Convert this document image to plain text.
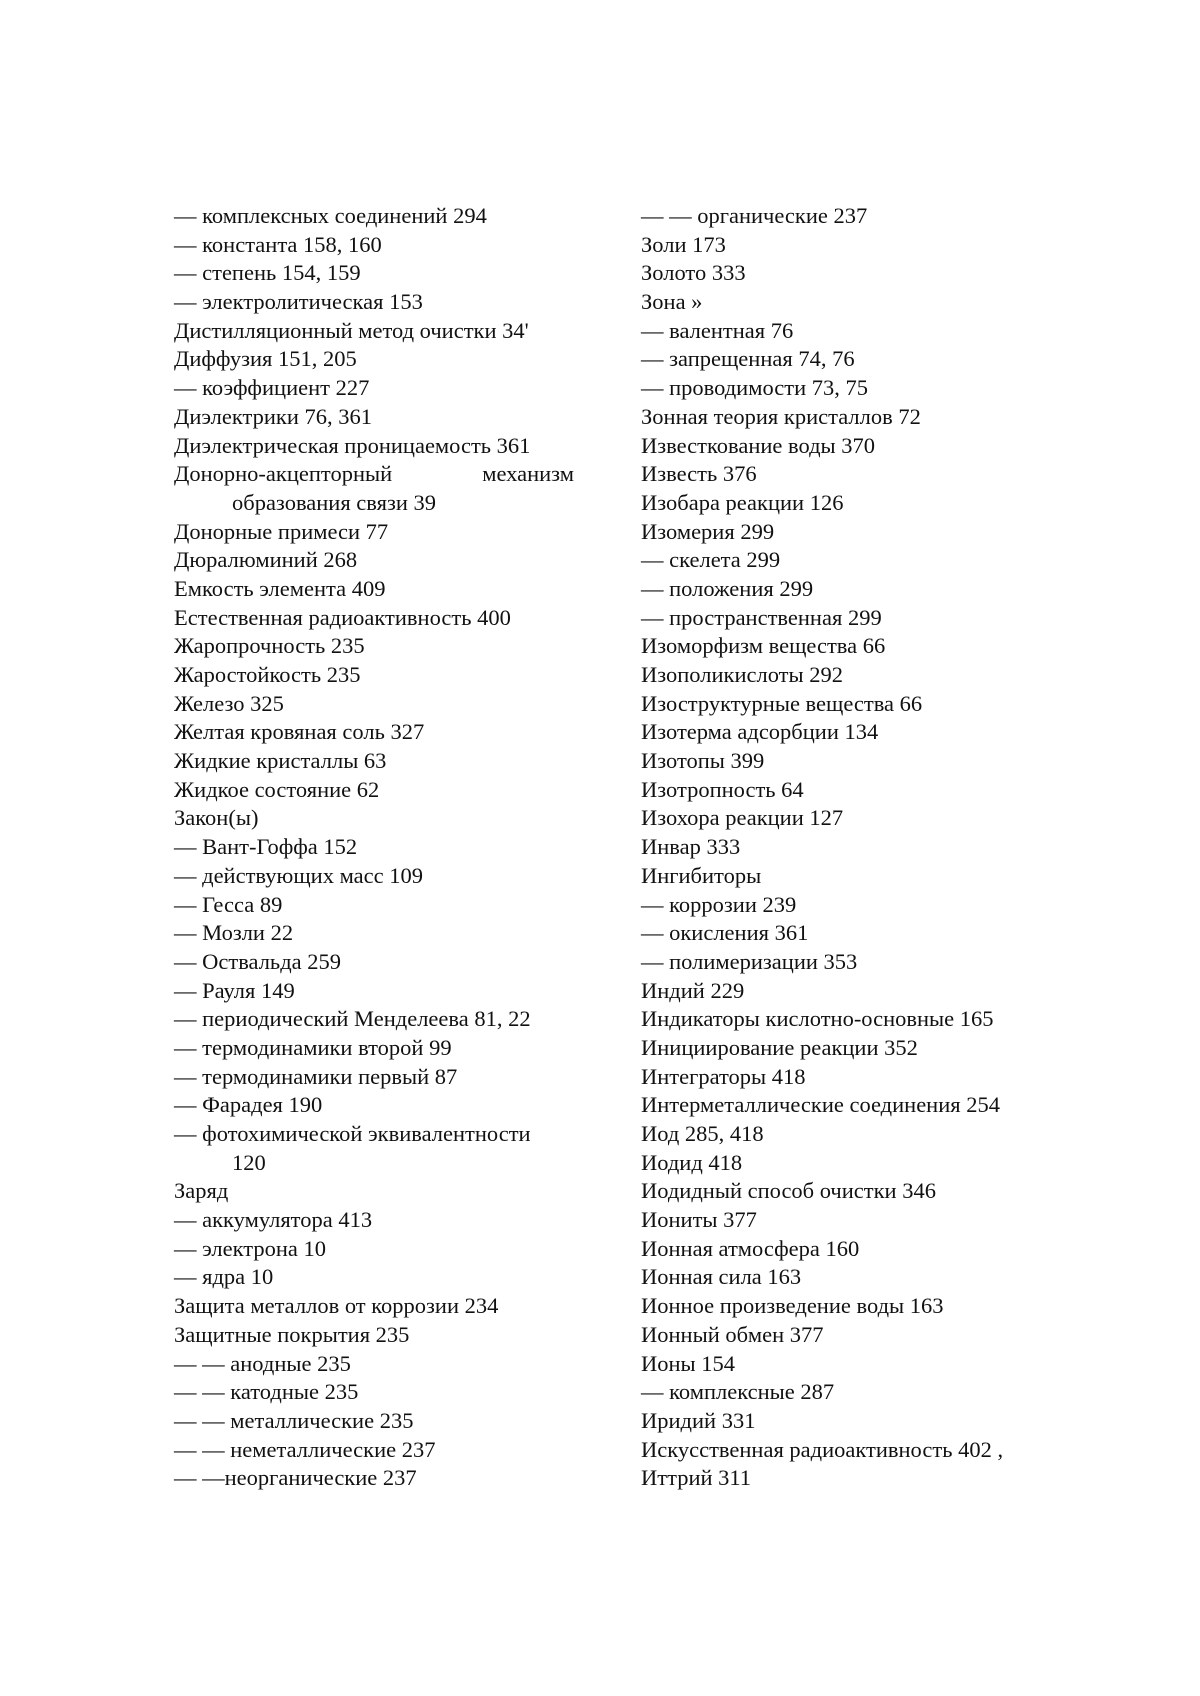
— комплексных соединений 294
— константа 158, 160
— степень 154, 159
— электролитическая 153
Дистилляционный метод очистки 34'
Диффузия 151, 205
— коэффициент 227
Диэлектрики 76, 361
Диэлектрическая проницаемость 361
Донорно-акцепторный	механизм
образования связи 39
Донорные примеси 77
Дюралюминий 268
Емкость элемента 409
Естественная радиоактивность 400
Жаропрочность 235
Жаростойкость 235
Железо 325
Желтая кровяная соль 327
Жидкие кристаллы 63
Жидкое состояние 62
Закон(ы)
— Вант-Гоффа 152
— действующих масс 109
— Гесса 89
— Мозли 22
— Оствальда 259
— Рауля 149
— периодический Менделеева 81, 22
— термодинамики второй 99
— термодинамики первый 87
— Фарадея 190
— фотохимической эквивалентности
120
Заряд
— аккумулятора 413
— электрона 10
— ядра 10
Защита металлов от коррозии 234
Защитные покрытия 235
— — анодные 235
— — катодные 235
— — металлические 235
— — неметаллические 237
— —неорганические 237
— — органические 237
Золи 173
Золото 333
Зона »
— валентная 76
— запрещенная 74, 76
— проводимости 73, 75
Зонная теория кристаллов 72
Известкование воды 370
Известь 376
Изобара реакции 126
Изомерия 299
— скелета 299
— положения 299
— пространственная 299
Изоморфизм вещества 66
Изополикислоты 292
Изоструктурные вещества 66
Изотерма адсорбции 134
Изотопы 399
Изотропность 64
Изохора реакции 127
Инвар 333
Ингибиторы
— коррозии 239
— окисления 361
— полимеризации 353
Индий 229
Индикаторы кислотно-основные 165
Инициирование реакции 352
Интеграторы 418
Интерметаллические соединения 254
Иод 285, 418
Иодид 418
Иодидный способ очистки 346
Иониты 377
Ионная атмосфера 160
Ионная сила 163
Ионное произведение воды 163
Ионный обмен 377
Ионы 154
— комплексные 287
Иридий 331
Искусственная радиоактивность 402 ,
Иттрий 311
